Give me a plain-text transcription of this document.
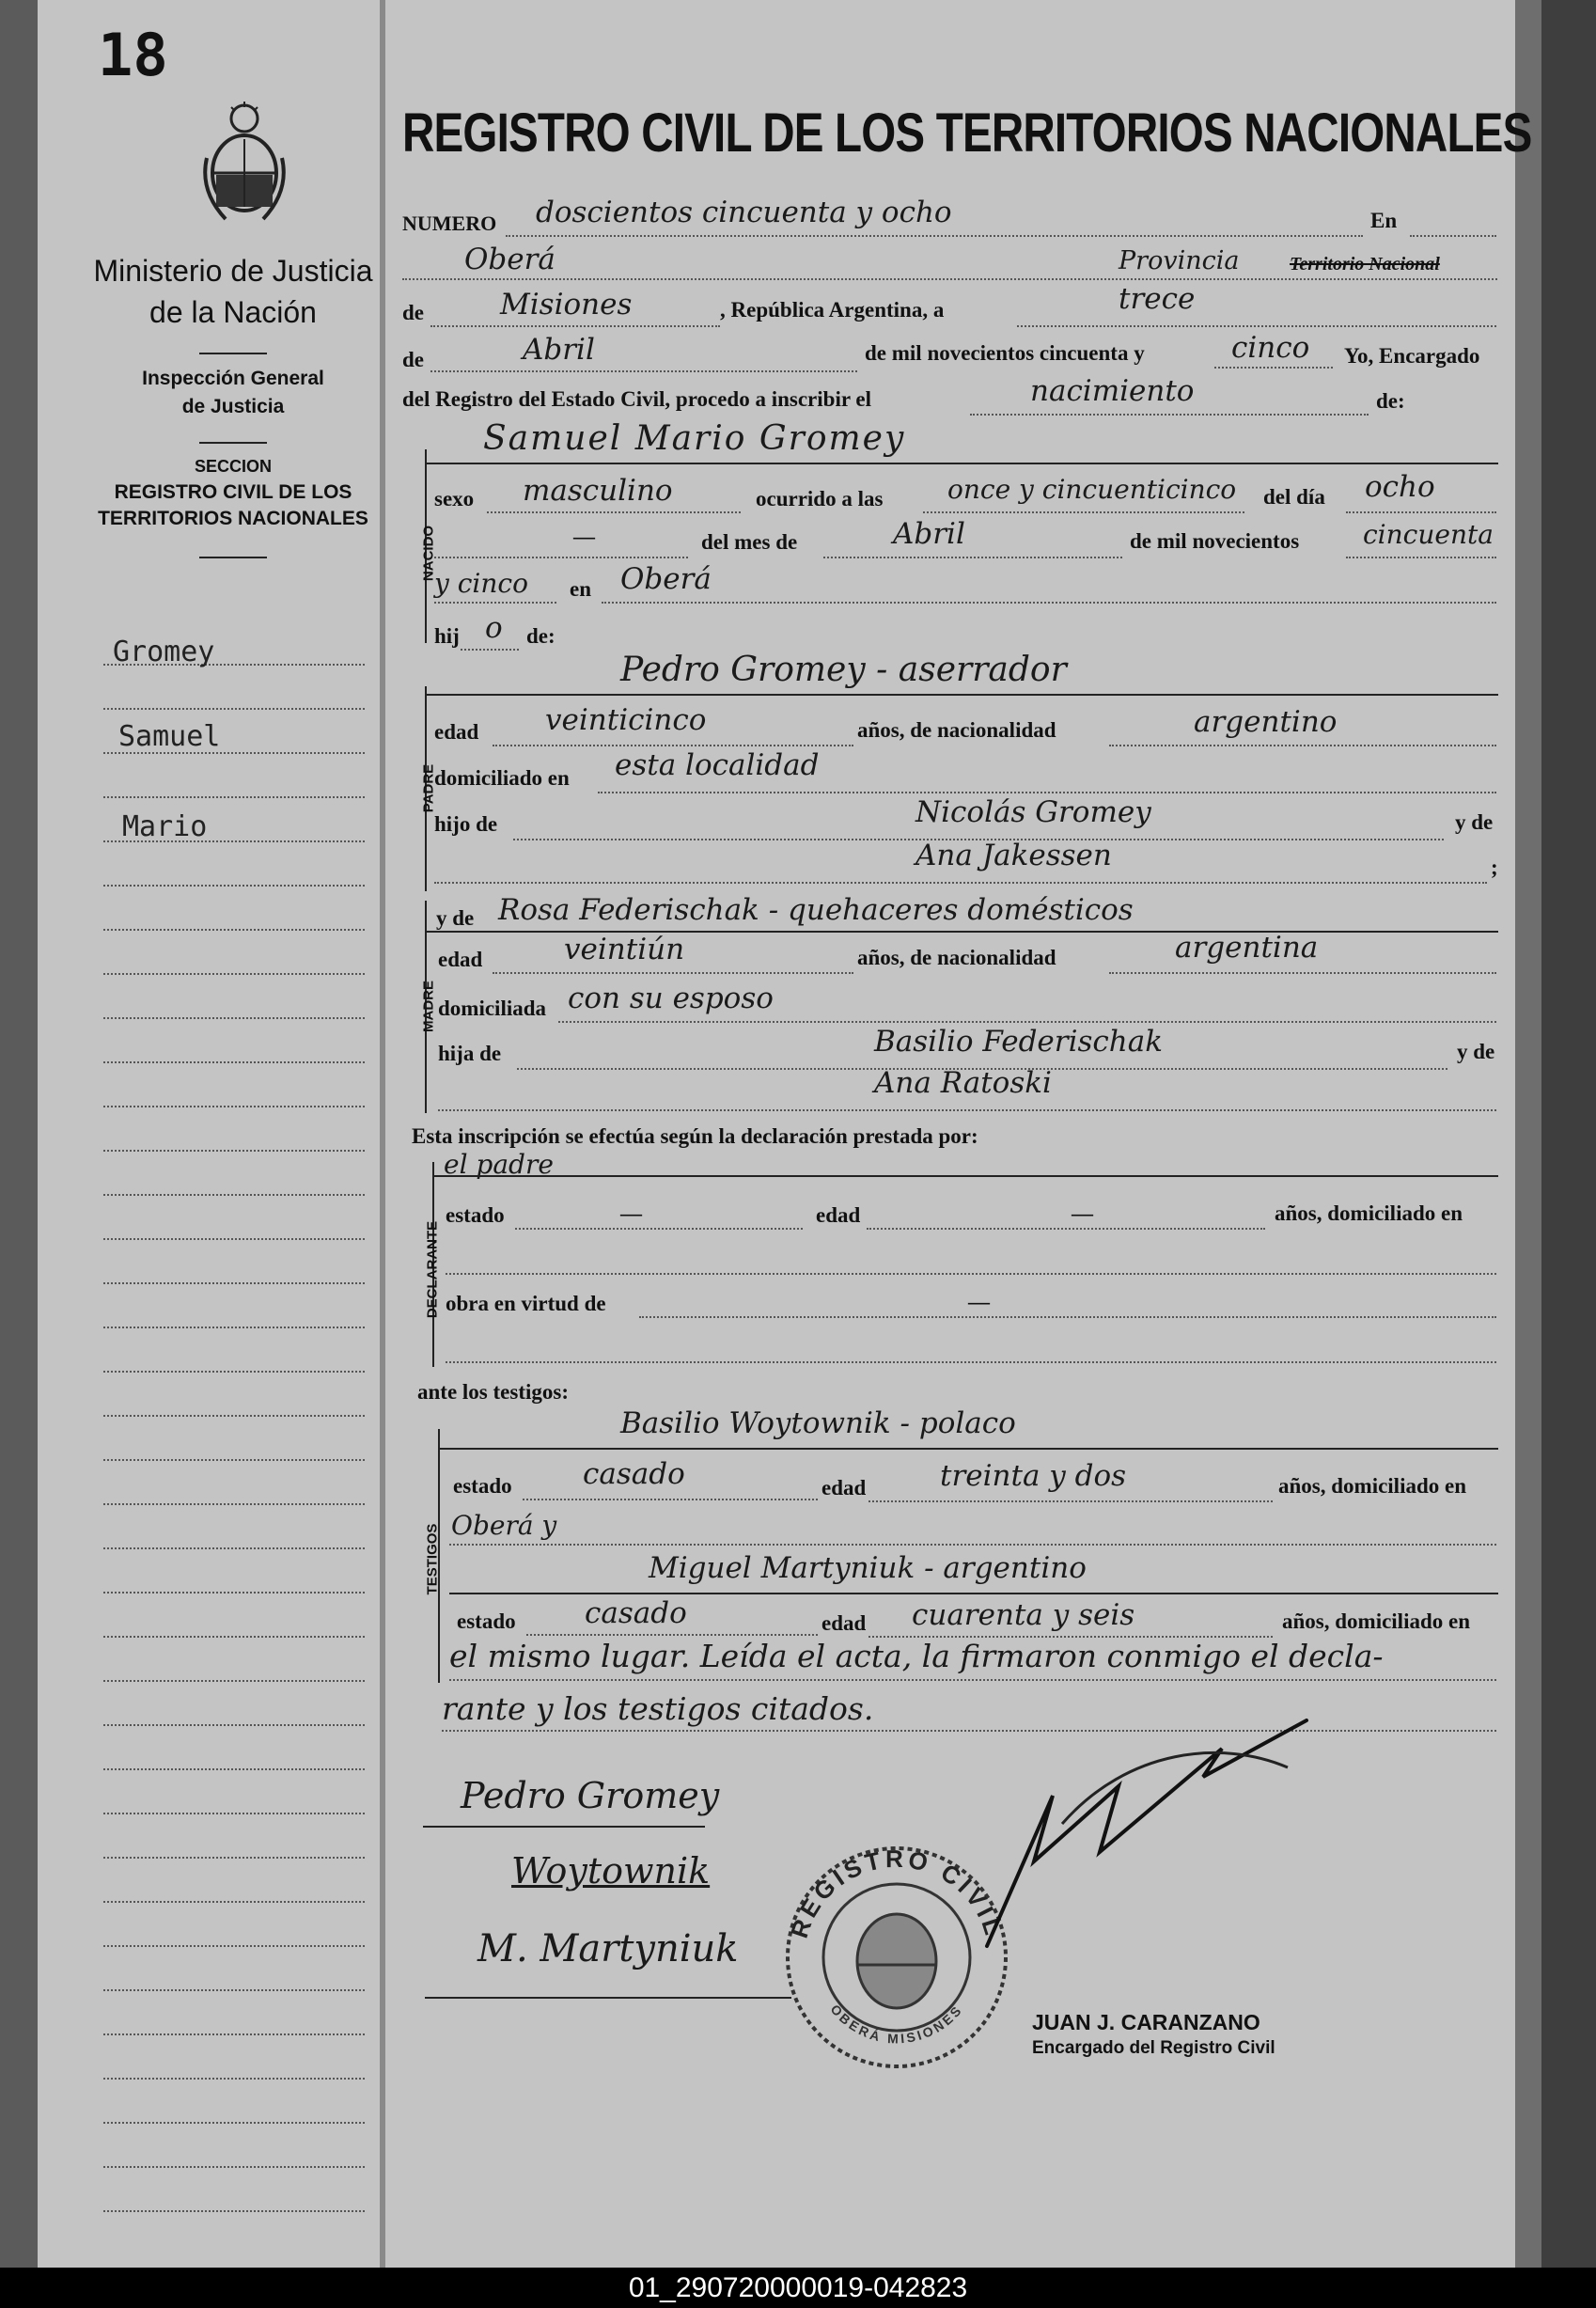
18
Ministerio de Justicia
de la Nación
Inspección General
de Justicia
SECCION
REGISTRO CIVIL DE LOS
TERRITORIOS NACIONALES
Gromey
Samuel
Mario
REGISTRO CIVIL DE LOS TERRITORIOS NACIONALES
NUMERO doscientos cincuenta y ocho	En
Oberá	Provincia	Territorio Nacional
de	Misiones	, República Argentina, a	trece
de	Abril	de mil novecientos cincuenta y	cinco Yo, Encargado
del Registro del Estado Civil, procedo a inscribir el	nacimiento	de:
Samuel Mario Gromey
NACIDO
sexo masculino	ocurrido a las once y cincuenticinco del día ocho
—	del mes de	Abril	de mil novecientos cincuenta
y cinco en Oberá
hij o de:
Pedro Gromey - aserrador
PADRE
edad veinticinco	años, de nacionalidad	argentino
domiciliado en esta localidad
hijo de	Nicolás Gromey	y de
Ana Jakessen	;
y de Rosa Federischak - quehaceres domésticos
MADRE
edad	veintiún	años, de nacionalidad	argentina
domiciliada con su esposo
hija de	Basilio Federischak	y de
Ana Ratoski
Esta inscripción se efectúa según la declaración prestada por:
el padre
DECLARANTE
estado	—	edad	—	años, domiciliado en
obra en virtud de	—
ante los testigos:
Basilio Woytownik - polaco
TESTIGOS
estado casado	edad	treinta y dos	años, domiciliado en
Oberá y
Miguel Martyniuk - argentino
estado casado	edad cuarenta y seis	años, domiciliado en
el mismo lugar. Leída el acta, la firmaron conmigo el decla-
rante y los testigos citados.
Pedro Gromey
Woytownik
M. Martyniuk
REGISTRO CIVIL
OBERÁ MISIONES	JUAN J. CARANZANO
Encargado del Registro Civil
01_290720000019-042823
